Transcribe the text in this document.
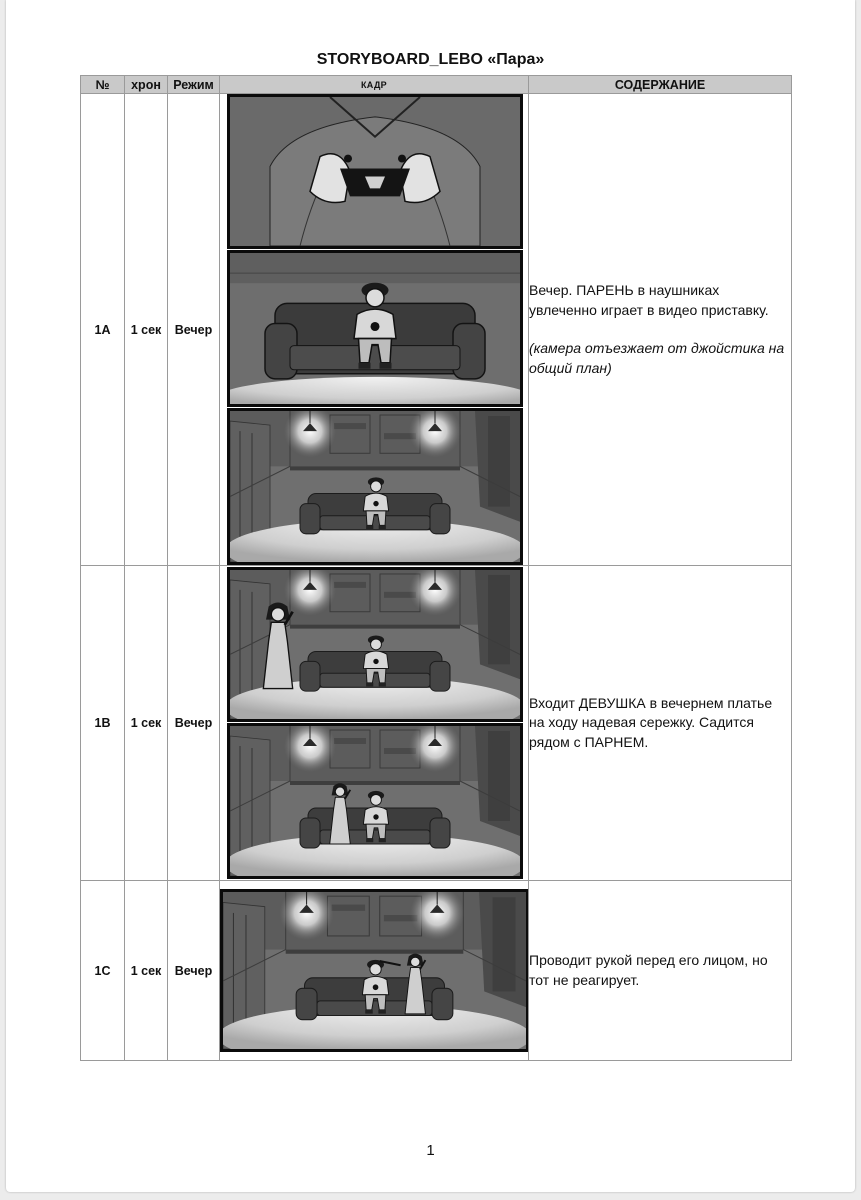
STORYBOARD_LEBO «Пара»
№	хрон	Режим	КАДР	СОДЕРЖАНИЕ
1A	1 сек	Вечер		Вечер. ПАРЕНЬ в наушниках увлеченно играет в видео приставку.

(камера отъезжает от джойстика на общий план)

1B	1 сек	Вечер		Входит ДЕВУШКА в вечернем платье на ходу надевая сережку. Садится рядом с ПАРНЕМ.

1C	1 сек	Вечер		Проводит рукой перед его лицом, но тот не реагирует.

1
